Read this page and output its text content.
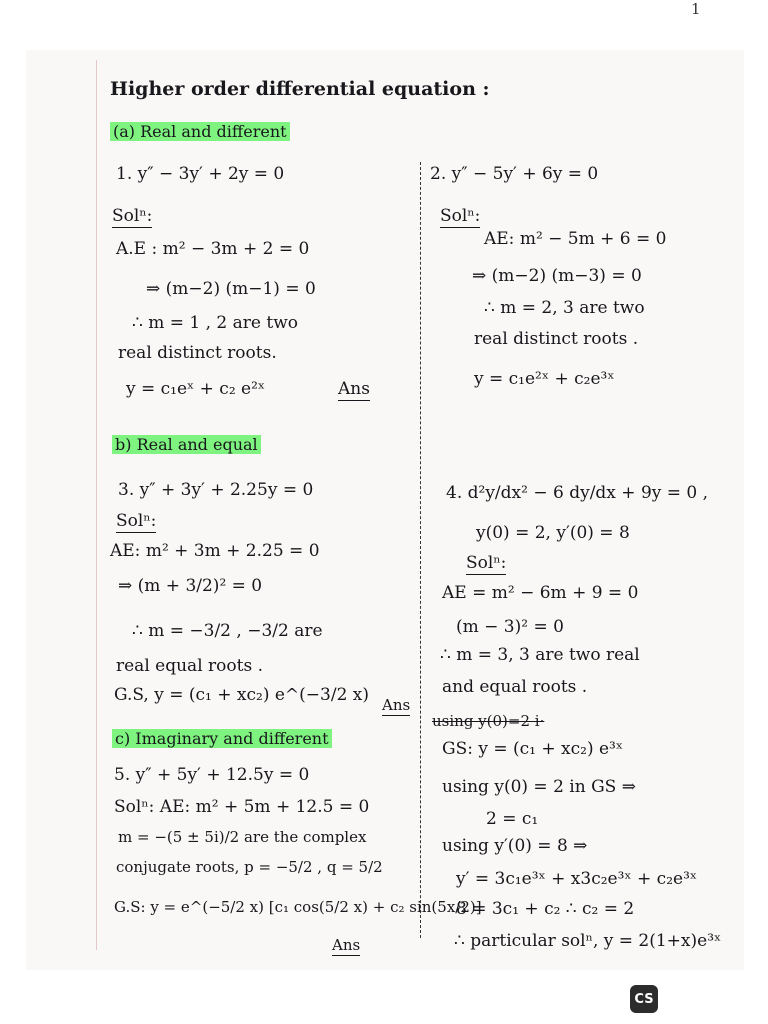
1
Higher order differential equation :
(a) Real and different
1. y″ − 3y′ + 2y = 0
Solⁿ:
A.E : m² − 3m + 2 = 0
⇒ (m−2) (m−1) = 0
∴ m = 1 , 2 are two
real distinct roots.
y = c₁eˣ + c₂ e²ˣ	Ans
2. y″ − 5y′ + 6y = 0
Solⁿ:
AE: m² − 5m + 6 = 0
⇒ (m−2) (m−3) = 0
∴ m = 2, 3 are two
real distinct roots .
y = c₁e²ˣ + c₂e³ˣ
b) Real and equal
3. y″ + 3y′ + 2.25y = 0
Solⁿ:
AE: m² + 3m + 2.25 = 0
⇒ (m + 3/2)² = 0
∴ m = −3/2 , −3/2 are
real equal roots .
G.S, y = (c₁ + xc₂) e^(−3/2 x) Ans
4. d²y/dx² − 6 dy/dx + 9y = 0 ,
y(0) = 2, y′(0) = 8
Solⁿ:
AE = m² − 6m + 9 = 0
(m − 3)² = 0
∴ m = 3, 3 are two real
and equal roots .
using y(0)=2 i·
GS: y = (c₁ + xc₂) e³ˣ
using y(0) = 2 in GS ⇒
2 = c₁
using y′(0) = 8 ⇒
y′ = 3c₁e³ˣ + x3c₂e³ˣ + c₂e³ˣ
8 = 3c₁ + c₂ ∴ c₂ = 2
∴ particular solⁿ, y = 2(1+x)e³ˣ
c) Imaginary and different
5. y″ + 5y′ + 12.5y = 0
Solⁿ: AE: m² + 5m + 12.5 = 0
m = −(5 ± 5i)/2 are the complex
conjugate roots, p = −5/2 , q = 5/2
G.S: y = e^(−5/2 x) [c₁ cos(5/2 x) + c₂ sin(5x/2)]
Ans
CS
